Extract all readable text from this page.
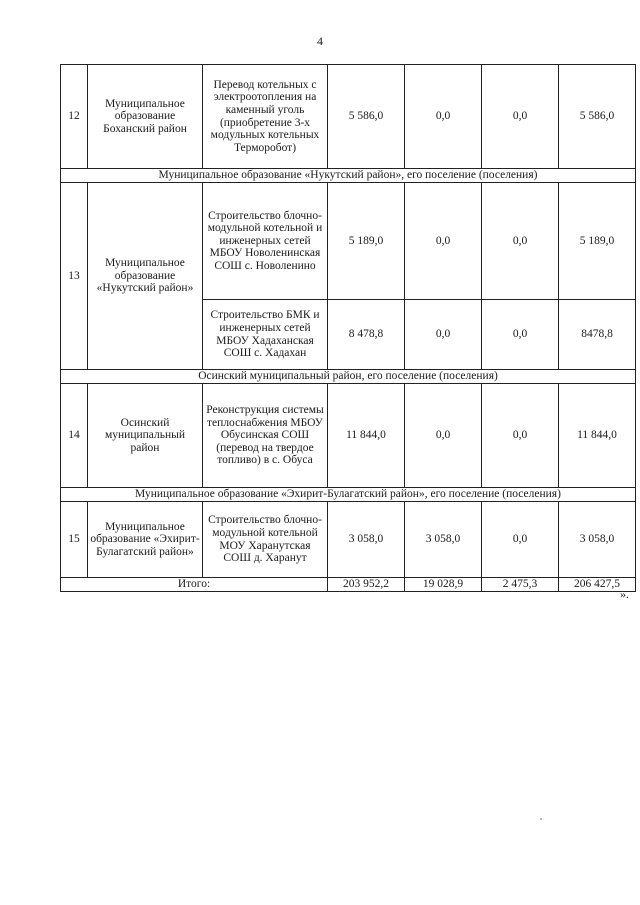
4
12	Муниципальное образование Боханский район	Перевод котельных с электроотопления на каменный уголь (приобретение 3-х модульных котельных Терморобот)	5 586,0	0,0	0,0	5 586,0
Муниципальное образование «Нукутский район», его поселение (поселения)						
13	Муниципальное образование «Нукутский район»	Строительство блочно-модульной котельной и инженерных сетей МБОУ Новоленинская СОШ с. Новоленино	5 189,0	0,0	0,0	5 189,0
		Строительство БМК и инженерных сетей МБОУ Хадаханская СОШ с. Хадахан	8 478,8	0,0	0,0	8478,8
Осинский муниципальный район, его поселение (поселения)						
14	Осинский муниципальный район	Реконструкция системы теплоснабжения МБОУ Обусинская СОШ (перевод на твердое топливо) в с. Обуса	11 844,0	0,0	0,0	11 844,0
Муниципальное образование «Эхирит-Булагатский район», его поселение (поселения)						
15	Муниципальное образование «Эхирит-Булагатский район»	Строительство блочно-модульной котельной МОУ Харанутская СОШ д. Харанут	3 058,0	3 058,0	0,0	3 058,0
Итого:			203 952,2	19 028,9	2 475,3	206 427,5
».
